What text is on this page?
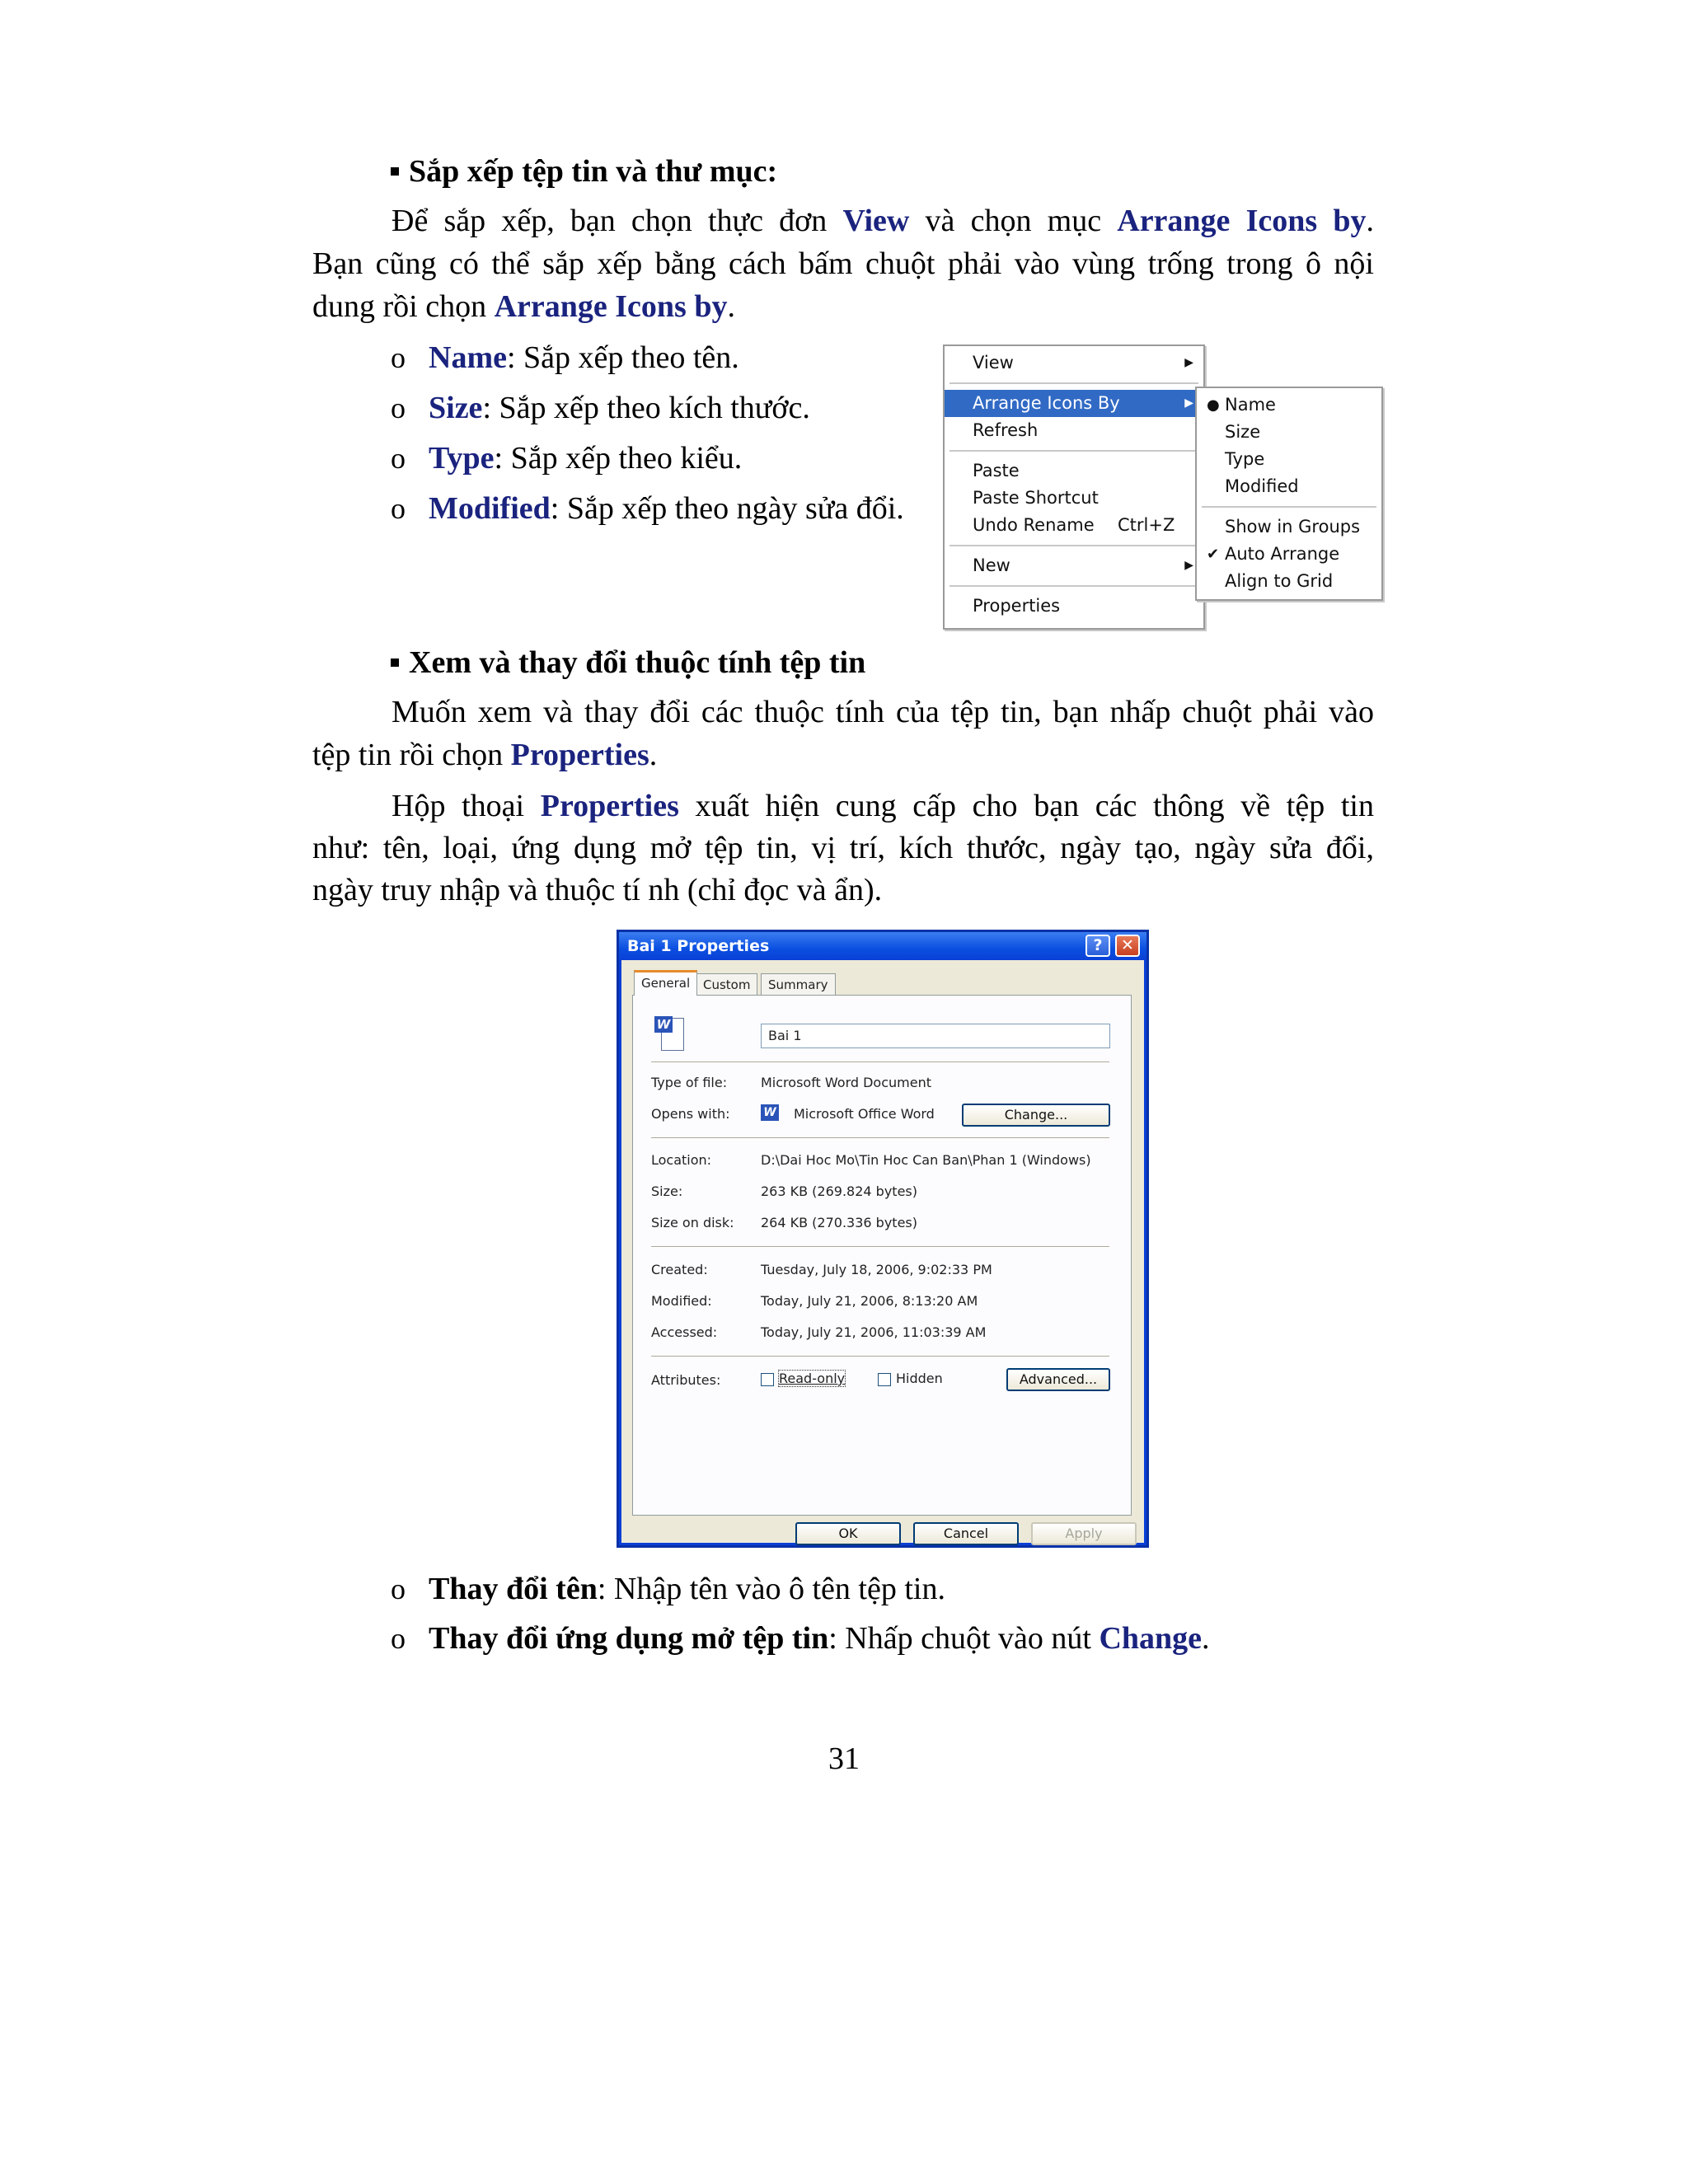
Sắp xếp tệp tin và thư mục:
Để sắp xếp, bạn chọn thực đơn View và chọn mục Arrange Icons by.
Bạn cũng có thể sắp xếp bằng cách bấm chuột phải vào vùng trống trong ô nội
dung rồi chọn Arrange Icons by.
o Name: Sắp xếp theo tên.
o Size: Sắp xếp theo kích thước.
o Type: Sắp xếp theo kiểu.
o Modified: Sắp xếp theo ngày sửa đổi.
View	▶
Arrange Icons By	▶
Refresh
Paste
Paste Shortcut
Undo Rename Ctrl+Z
New	▶
Properties
● Name
Size
Type
Modified
Show in Groups
✔ Auto Arrange
Align to Grid
Xem và thay đổi thuộc tính tệp tin
Muốn xem và thay đổi các thuộc tính của tệp tin, bạn nhấp chuột phải vào
tệp tin rồi chọn Properties.
Hộp thoại Properties xuất hiện cung cấp cho bạn các thông về tệp tin
như: tên, loại, ứng dụng mở tệp tin, vị trí, kích thước, ngày tạo, ngày sửa đổi,
ngày truy nhập và thuộc tí nh (chỉ đọc và ẩn).
Bai 1 Properties	?	✕
General	Custom	Summary
W
Bai 1
Type of file:	Microsoft Word Document
Opens with:	W Microsoft Office Word	Change...
Location:	D:\Dai Hoc Mo\Tin Hoc Can Ban\Phan 1 (Windows)
Size:	263 KB (269.824 bytes)
Size on disk: 264 KB (270.336 bytes)
Created:	Tuesday, July 18, 2006, 9:02:33 PM
Modified:	Today, July 21, 2006, 8:13:20 AM
Accessed:	Today, July 21, 2006, 11:03:39 AM
Attributes:	Read-only	Hidden	Advanced...
OK	Cancel	Apply
o Thay đổi tên: Nhập tên vào ô tên tệp tin.
o Thay đổi ứng dụng mở tệp tin: Nhấp chuột vào nút Change.
31
